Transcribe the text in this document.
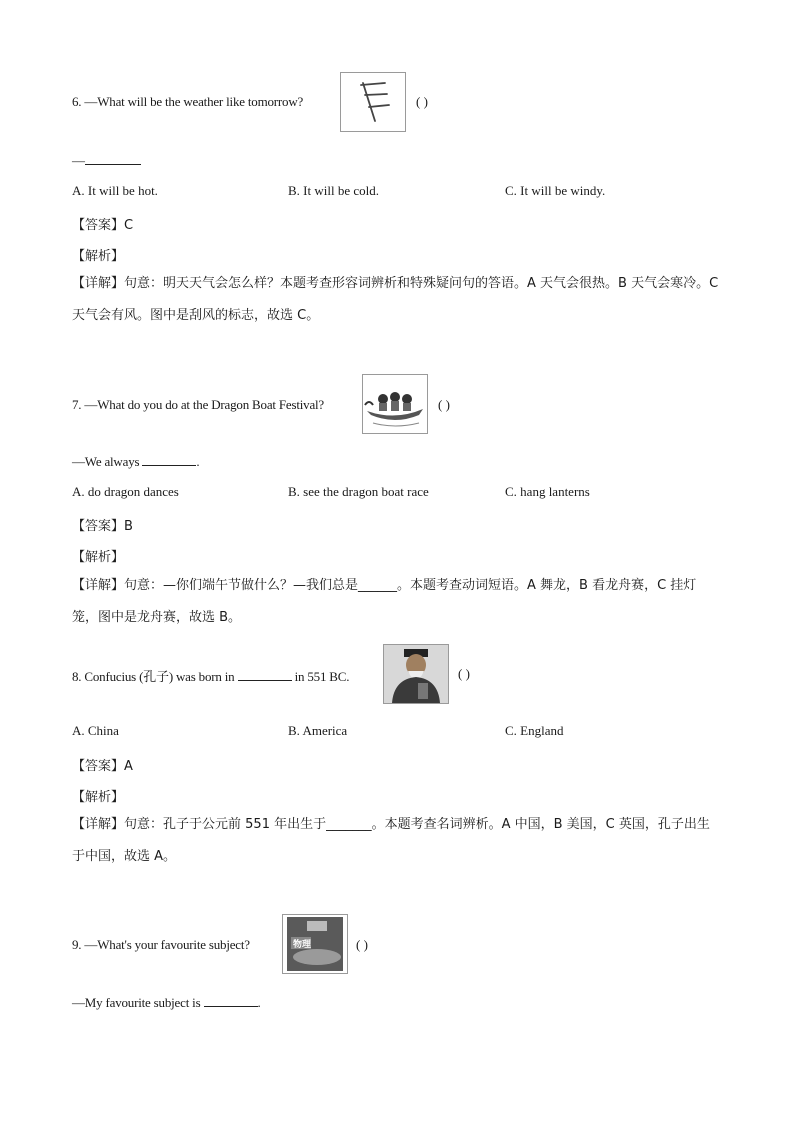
6. —What will be the weather like tomorrow?	( )
—
A. It will be hot.	B. It will be cold.	C. It will be windy.
【答案】C
【解析】
【详解】句意：明天天气会怎么样？本题考查形容词辨析和特殊疑问句的答语。A 天气会很热。B 天气会寒冷。C 天气会有风。图中是刮风的标志，故选 C。
7. —What do you do at the Dragon Boat Festival?	( )
—We always	.
A. do dragon dances	B. see the dragon boat race	C. hang lanterns
【答案】B
【解析】
【详解】句意：—你们端午节做什么？—我们总是______。本题考查动词短语。A 舞龙，B 看龙舟赛，C 挂灯笼，图中是龙舟赛，故选 B。
8. Confucius (孔子) was born in	in 551 BC.	( )
A. China	B. America	C. England
【答案】A
【解析】
【详解】句意：孔子于公元前 551 年出生于_______。本题考查名词辨析。A 中国，B 美国，C 英国，孔子出生于中国，故选 A。
9. —What's your favourite subject?	物理	( )
—My favourite subject is	.
